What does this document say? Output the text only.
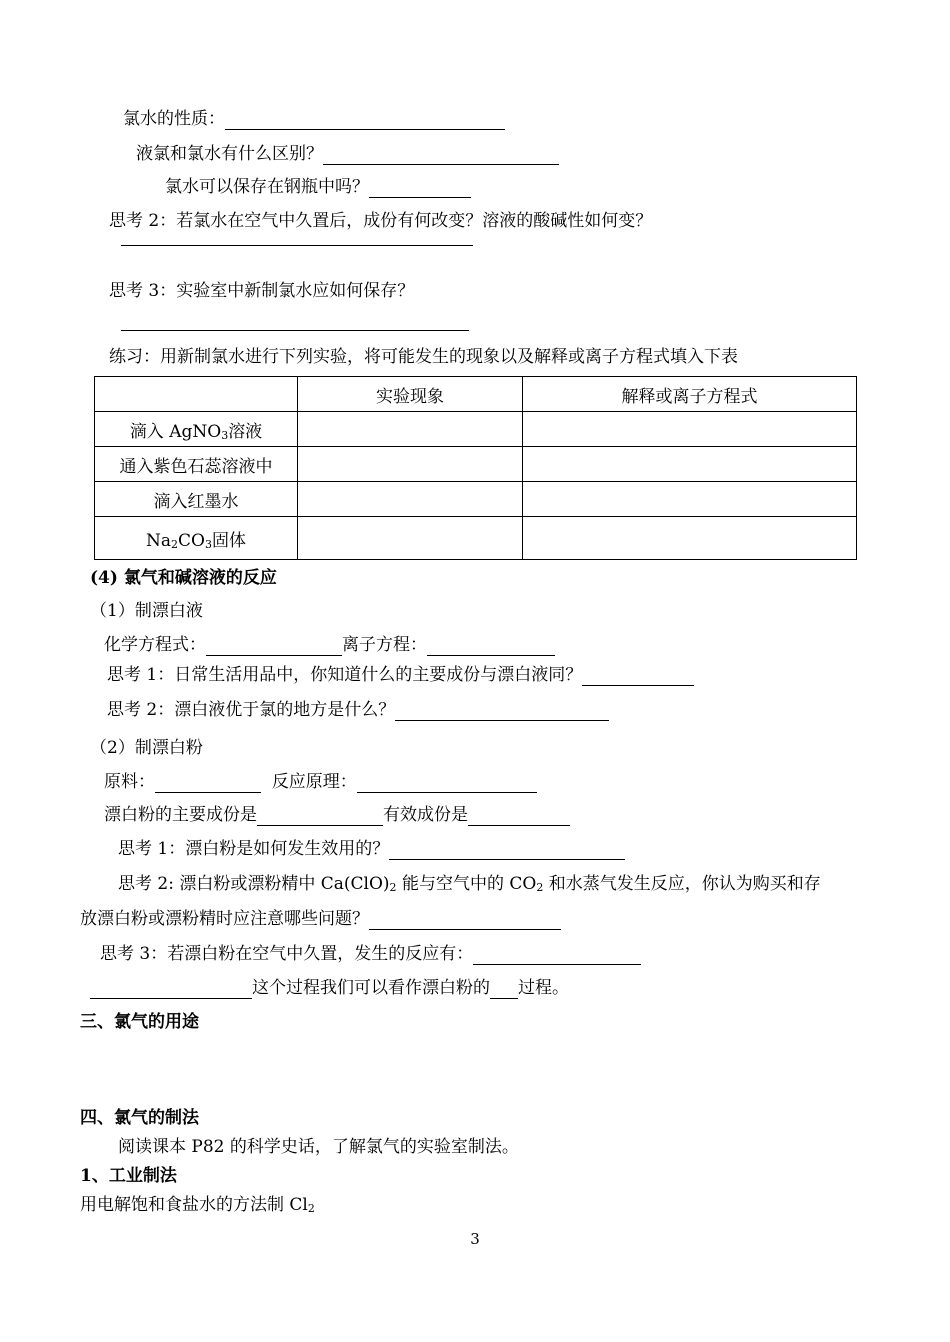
氯水的性质：
液氯和氯水有什么区别？
氯水可以保存在钢瓶中吗？
思考 2：若氯水在空气中久置后，成份有何改变？溶液的酸碱性如何变？
思考 3：实验室中新制氯水应如何保存？
练习：用新制氯水进行下列实验，将可能发生的现象以及解释或离子方程式填入下表
	实验现象	解释或离子方程式
滴入 AgNO$_3$溶液		
通入紫色石蕊溶液中		
滴入红墨水		
$Na_2CO_3$固体		
(4) 氯气和碱溶液的反应
（1）制漂白液
化学方程式：	离子方程：
思考 1：日常生活用品中，你知道什么的主要成份与漂白液同？
思考 2：漂白液优于氯的地方是什么？
（2）制漂白粉
原料：	反应原理：
漂白粉的主要成份是	有效成份是
思考 1：漂白粉是如何发生效用的？
思考 2: 漂白粉或漂粉精中 $Ca(ClO)_2$ 能与空气中的 $CO_2$ 和水蒸气发生反应，你认为购买和存
放漂白粉或漂粉精时应注意哪些问题？
思考 3：若漂白粉在空气中久置，发生的反应有：
这个过程我们可以看作漂白粉的 过程。
三、氯气的用途
四、氯气的制法
阅读课本 P82 的科学史话，了解氯气的实验室制法。
1、工业制法
用电解饱和食盐水的方法制 $Cl_2$
3
